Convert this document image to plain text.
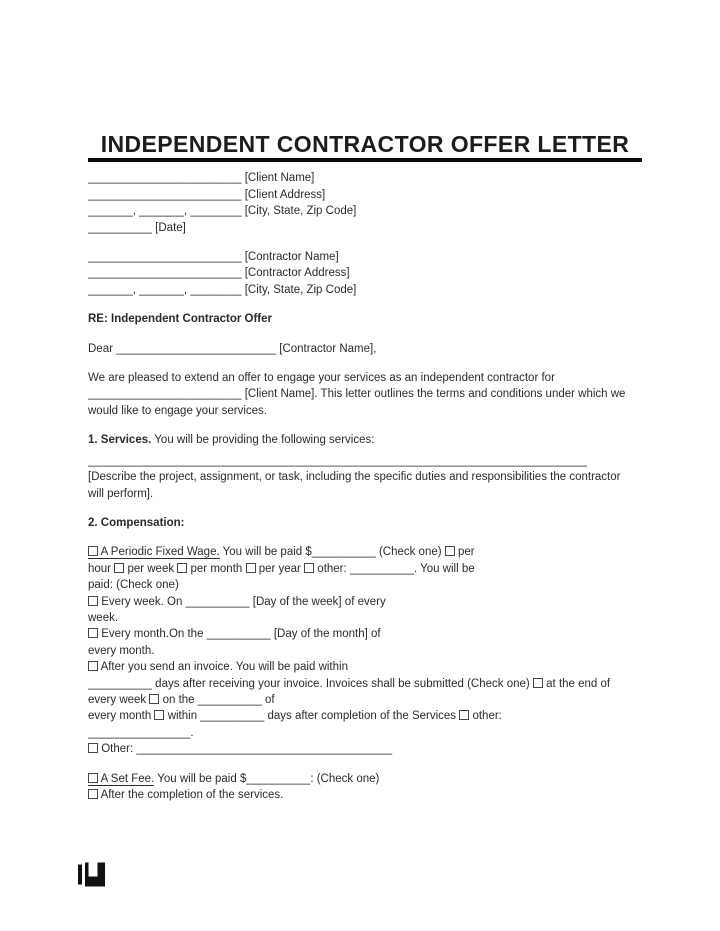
INDEPENDENT CONTRACTOR OFFER LETTER
________________________ [Client Name]
________________________ [Client Address]
_______, _______, ________ [City, State, Zip Code]
__________ [Date]
________________________ [Contractor Name]
________________________ [Contractor Address]
_______, _______, ________ [City, State, Zip Code]
RE: Independent Contractor Offer
Dear _________________________ [Contractor Name],
We are pleased to extend an offer to engage your services as an independent contractor for
________________________ [Client Name]. This letter outlines the terms and conditions under which we
would like to engage your services.
1. Services. You will be providing the following services:
______________________________________________________________________________
[Describe the project, assignment, or task, including the specific duties and responsibilities the contractor
will perform].
2. Compensation:
A Periodic Fixed Wage. You will be paid $__________ (Check one) per
hour per week per month per year other: __________. You will be
paid: (Check one)
Every week. On __________ [Day of the week] of every
week.
Every month.On the __________ [Day of the month] of
every month.
After you send an invoice. You will be paid within
__________ days after receiving your invoice. Invoices shall be submitted (Check one) at the end of
every week on the __________ of
every month within __________ days after completion of the Services other:
________________.
Other: ________________________________________
A Set Fee. You will be paid $__________: (Check one)
After the completion of the services.
